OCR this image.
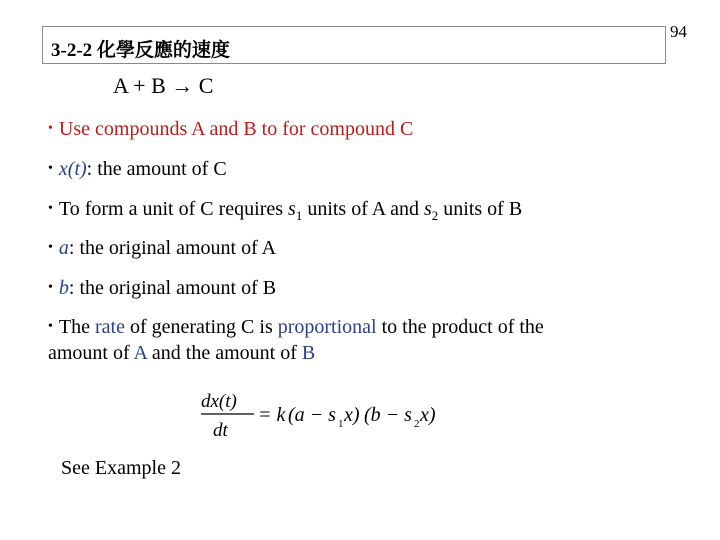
3-2-2 化學反應的速度
94
A + B → C
• Use compounds A and B to for compound C
• x(t): the amount of C
• To form a unit of C requires $s_1$ units of A and $s_2$ units of B
• a: the original amount of A
• b: the original amount of B
• The rate of generating C is proportional to the product of the
amount of A and the amount of B
dx(t)
dt
= k (a − s 1 x) (b − s 2 x)
See Example 2
